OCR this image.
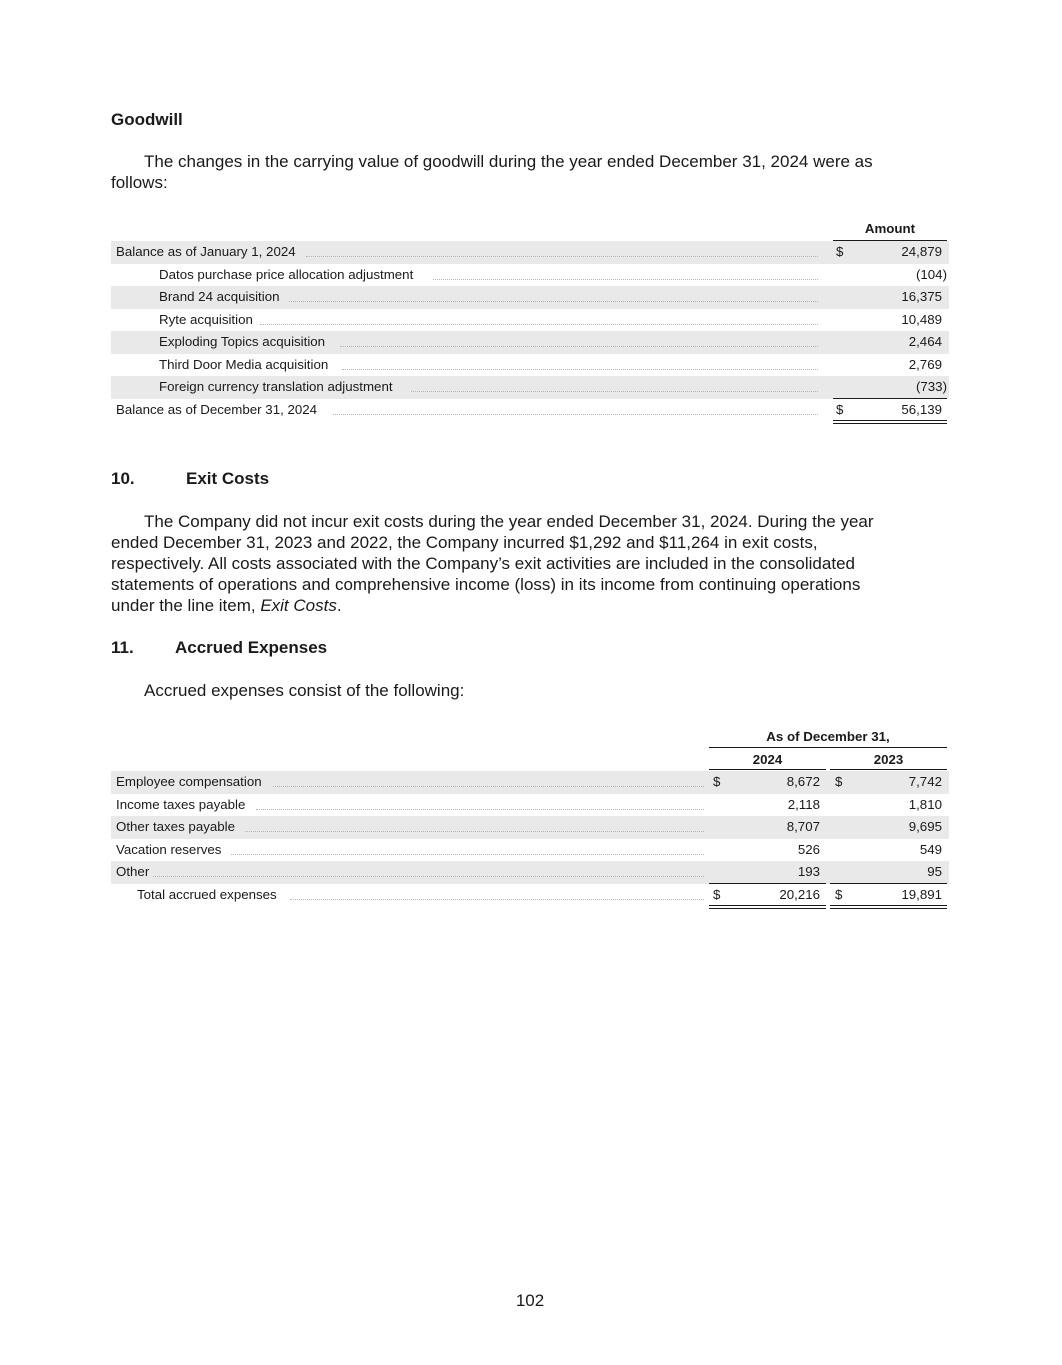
Goodwill
The changes in the carrying value of goodwill during the year ended December 31, 2024 were as
follows:
Amount
Balance as of January 1, 2024	$	24,879
Datos purchase price allocation adjustment	(104)
Brand 24 acquisition	16,375
Ryte acquisition	10,489
Exploding Topics acquisition	2,464
Third Door Media acquisition	2,769
Foreign currency translation adjustment	(733)
Balance as of December 31, 2024	$	56,139
10.	Exit Costs
The Company did not incur exit costs during the year ended December 31, 2024. During the year
ended December 31, 2023 and 2022, the Company incurred $1,292 and $11,264 in exit costs,
respectively. All costs associated with the Company’s exit activities are included in the consolidated
statements of operations and comprehensive income (loss) in its income from continuing operations
under the line item, Exit Costs.
11. Accrued Expenses
Accrued expenses consist of the following:
As of December 31,
2024	2023
Employee compensation	$	8,672 $	7,742
Income taxes payable	2,118	1,810
Other taxes payable	8,707	9,695
Vacation reserves	526	549
Other	193	95
Total accrued expenses	$	20,216 $	19,891
102
